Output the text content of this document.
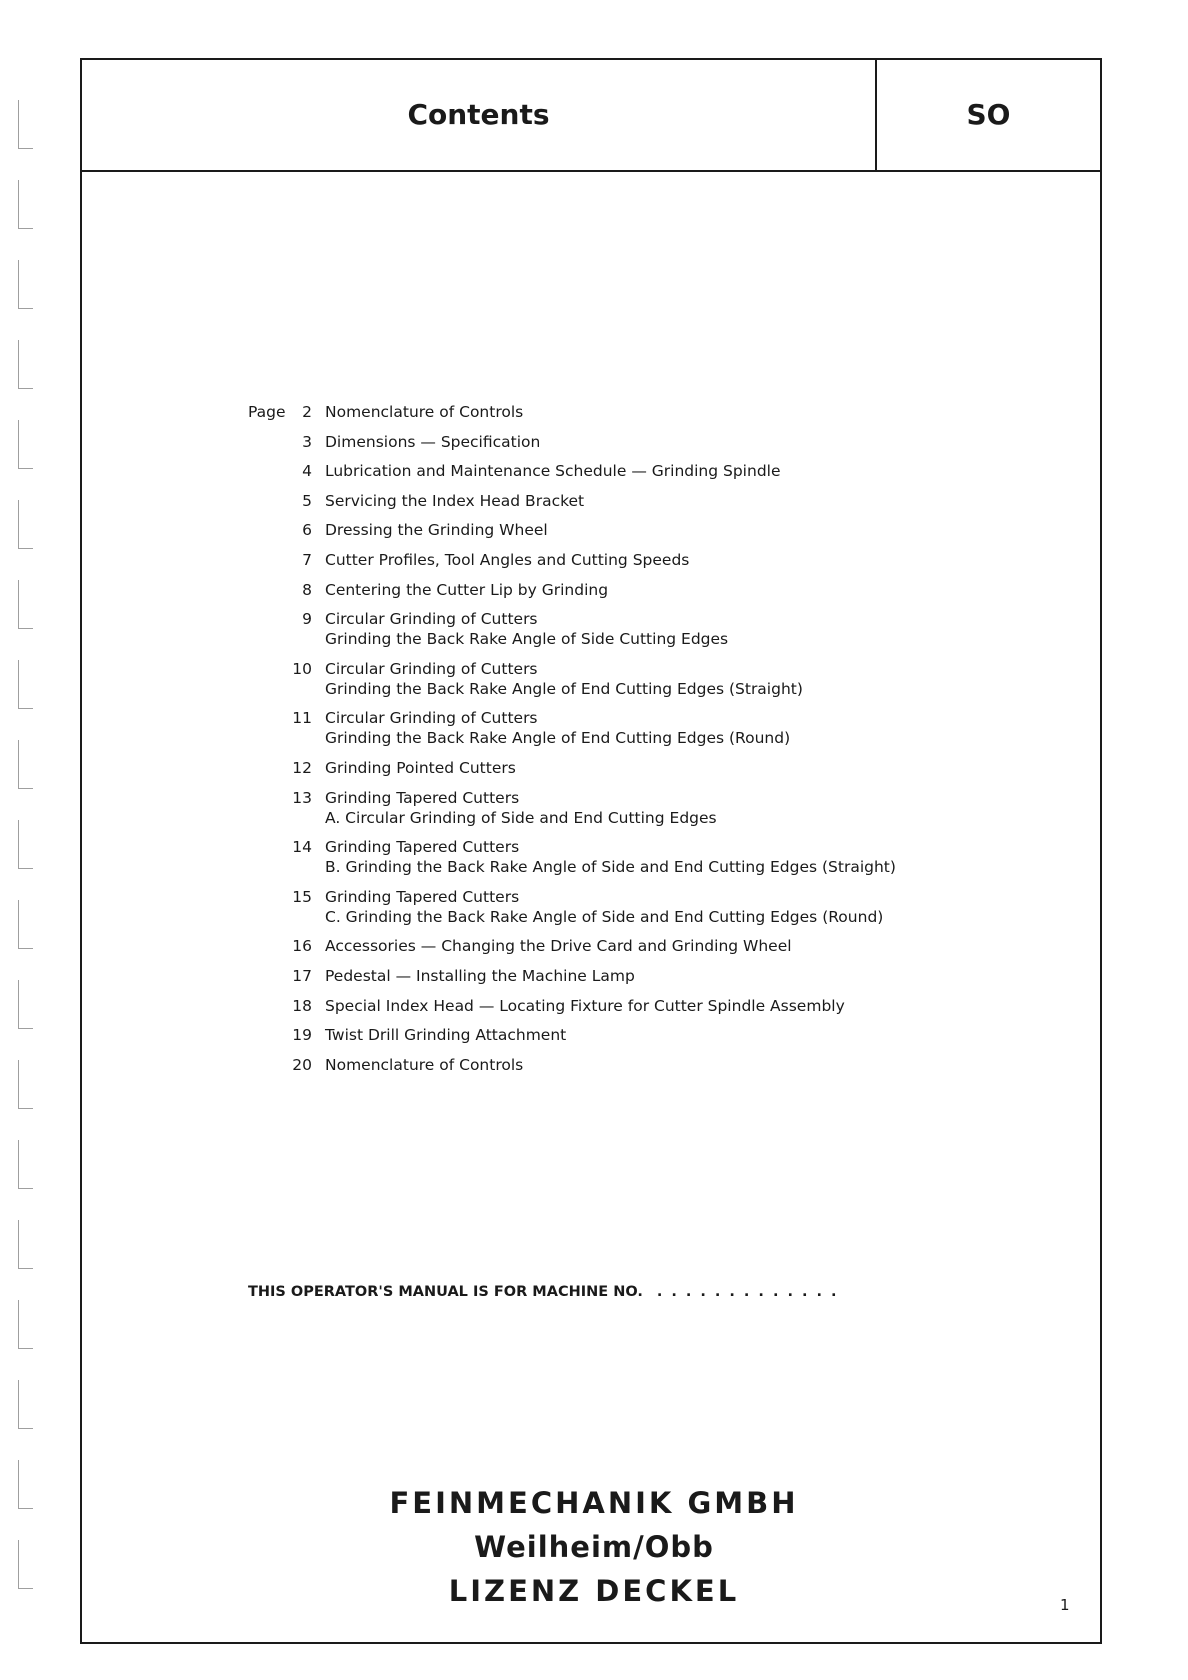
Contents	SO
Page	2 Nomenclature of Controls
3 Dimensions — Specification
4 Lubrication and Maintenance Schedule — Grinding Spindle
5 Servicing the Index Head Bracket
6 Dressing the Grinding Wheel
7 Cutter Profiles, Tool Angles and Cutting Speeds
8 Centering the Cutter Lip by Grinding
9 Circular Grinding of Cutters
Grinding the Back Rake Angle of Side Cutting Edges
10 Circular Grinding of Cutters
Grinding the Back Rake Angle of End Cutting Edges (Straight)
11 Circular Grinding of Cutters
Grinding the Back Rake Angle of End Cutting Edges (Round)
12 Grinding Pointed Cutters
13 Grinding Tapered Cutters
A. Circular Grinding of Side and End Cutting Edges
14 Grinding Tapered Cutters
B. Grinding the Back Rake Angle of Side and End Cutting Edges (Straight)
15 Grinding Tapered Cutters
C. Grinding the Back Rake Angle of Side and End Cutting Edges (Round)
16 Accessories — Changing the Drive Card and Grinding Wheel
17 Pedestal — Installing the Machine Lamp
18 Special Index Head — Locating Fixture for Cutter Spindle Assembly
19 Twist Drill Grinding Attachment
20 Nomenclature of Controls
THIS OPERATOR'S MANUAL IS FOR MACHINE NO. .............
FEINMECHANIK GMBH
Weilheim/Obb
LIZENZ DECKEL	1
